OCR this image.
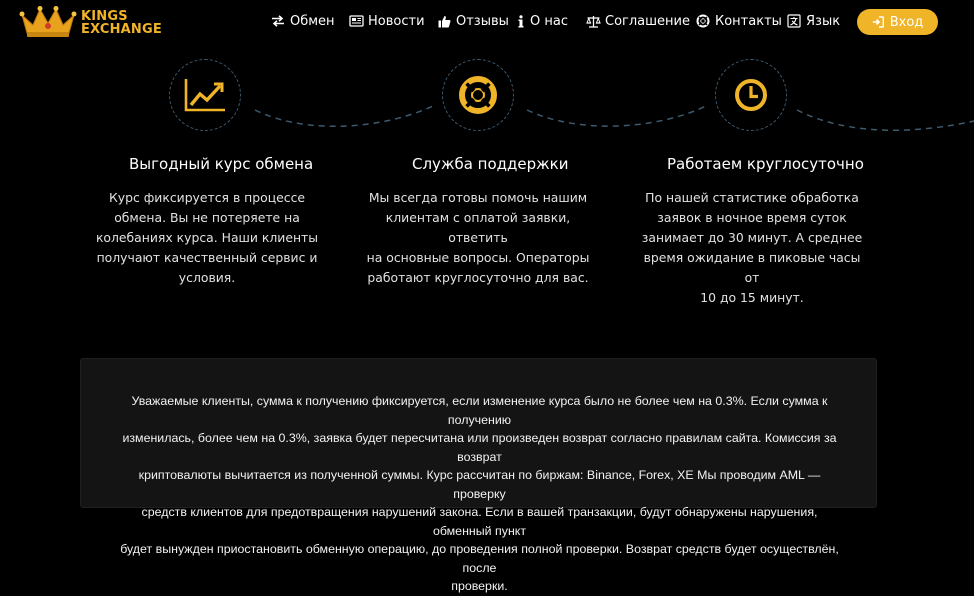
KINGS
EXCHANGE
Обмен	Новости Отзывы О нас	Соглашение Контакты Язык	Вход
Выгодный курс обмена
Курс фиксируется в процессе
обмена. Вы не потеряете на
колебаниях курса. Наши клиенты
получают качественный сервис и
условия.
Служба поддержки
Мы всегда готовы помочь нашим
клиентам с оплатой заявки, ответить
на основные вопросы. Операторы
работают круглосуточно для вас.
Работаем круглосуточно
По нашей статистике обработка
заявок в ночное время суток
занимает до 30 минут. А среднее
время ожидание в пиковые часы от
10 до 15 минут.
Уважаемые клиенты, сумма к получению фиксируется, если изменение курса было не более чем на 0.3%. Если сумма к получению
изменилась, более чем на 0.3%, заявка будет пересчитана или произведен возврат согласно правилам сайта. Комиссия за возврат
криптовалюты вычитается из полученной суммы. Курс рассчитан по биржам: Binance, Forex, XE Мы проводим AML — проверку
средств клиентов для предотвращения нарушений закона. Если в вашей транзакции, будут обнаружены нарушения, обменный пункт
будет вынужден приостановить обменную операцию, до проведения полной проверки. Возврат средств будет осуществлён, после
проверки.
